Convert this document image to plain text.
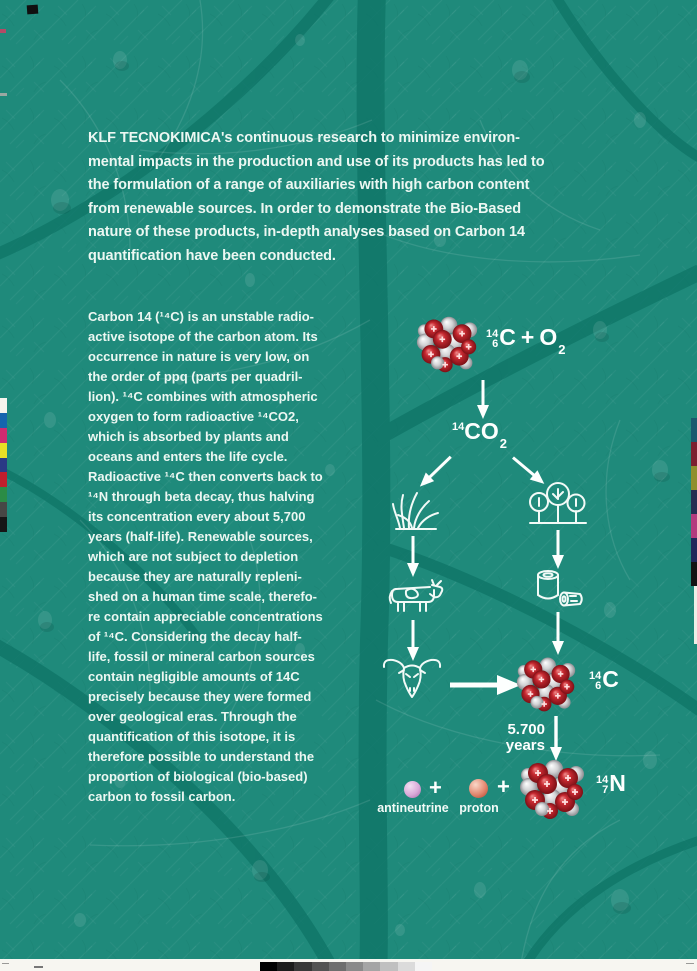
KLF TECNOKIMICA's continuous research to minimize environ-
mental impacts in the production and use of its products has led to
the formulation of a range of auxiliaries with high carbon content
from renewable sources. In order to demonstrate the Bio-Based
nature of these products, in-depth analyses based on Carbon 14
quantification have been conducted.
Carbon 14 (¹⁴C) is an unstable radio-
active isotope of the carbon atom. Its
occurrence in nature is very low, on
the order of ppq (parts per quadril-
lion). ¹⁴C combines with atmospheric
oxygen to form radioactive ¹⁴CO2,
which is absorbed by plants and
oceans and enters the life cycle.
Radioactive ¹⁴C then converts back to
¹⁴N through beta decay, thus halving
its concentration every about 5,700
years (half-life). Renewable sources,
which are not subject to depletion
because they are naturally repleni-
shed on a human time scale, therefo-
re contain appreciable concentrations
of ¹⁴C. Considering the decay half-
life, fossil or mineral carbon sources
contain negligible amounts of 14C
precisely because they were formed
over geological eras. Through the
quantification of this isotope, it is
therefore possible to understand the
proportion of biological (bio-based)
carbon to fossil carbon.
14
6 C + O 2
14 CO 2
14
6 C
5.700
years
+	+
antineutrine proton
14
7 N
